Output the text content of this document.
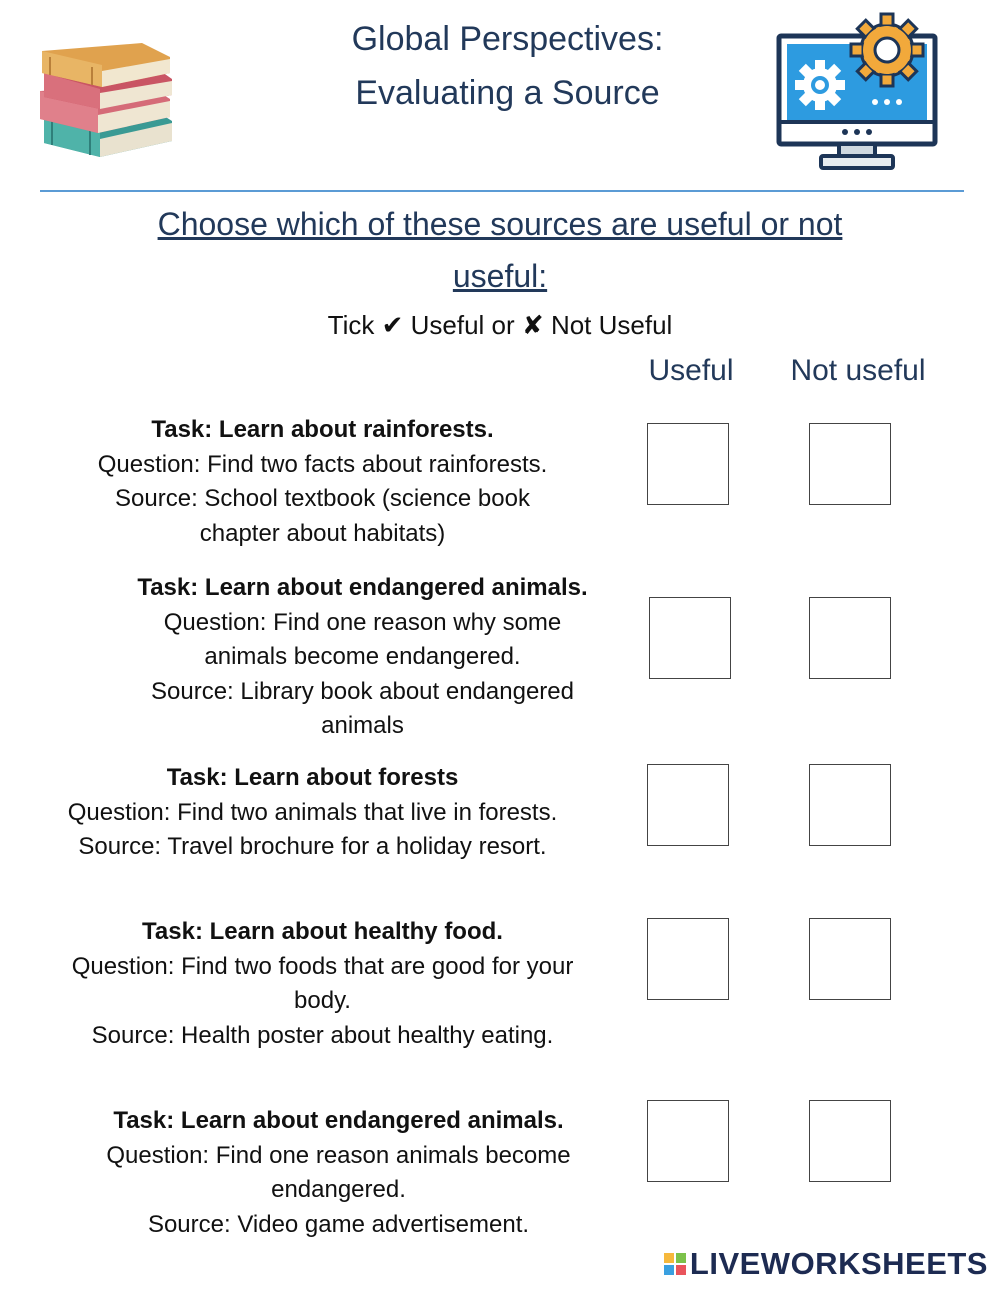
Global Perspectives:
Evaluating a Source
Choose which of these sources are useful or not
useful:
Tick ✔ Useful or ✘ Not Useful
Useful	Not useful
Task: Learn about rainforests.
Question: Find two facts about rainforests.
Source: School textbook (science book
chapter about habitats)
Task: Learn about endangered animals.
Question: Find one reason why some
animals become endangered.
Source: Library book about endangered
animals
Task: Learn about forests
Question: Find two animals that live in forests.
Source: Travel brochure for a holiday resort.
Task: Learn about healthy food.
Question: Find two foods that are good for your
body.
Source: Health poster about healthy eating.
Task: Learn about endangered animals.
Question: Find one reason animals become
endangered.
Source: Video game advertisement.
LIVEWORKSHEETS
